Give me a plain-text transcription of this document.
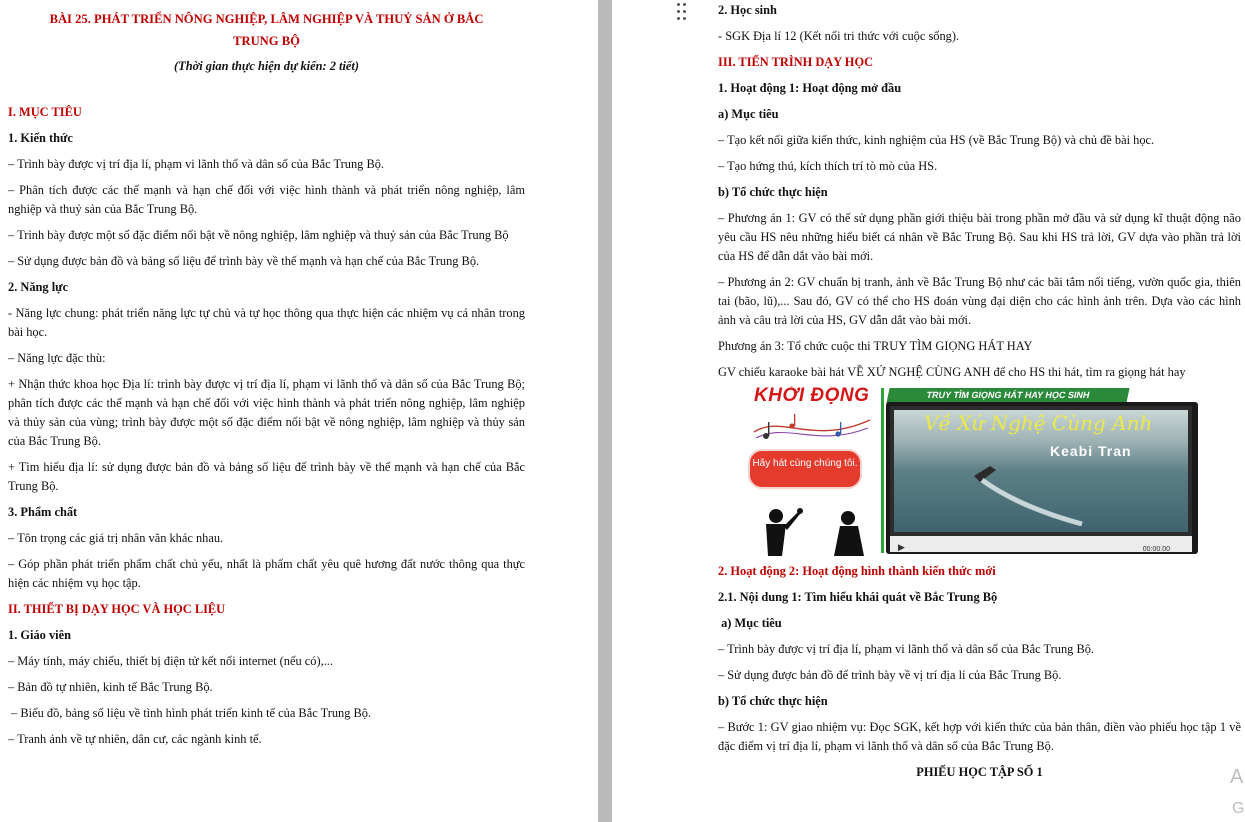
BÀI 25. PHÁT TRIỂN NÔNG NGHIỆP, LÂM NGHIỆP VÀ THUỶ SẢN Ở BẮC

TRUNG BỘ

(Thời gian thực hiện dự kiến: 2 tiết)

I. MỤC TIÊU

1. Kiến thức

– Trình bày được vị trí địa lí, phạm vi lãnh thổ và dân số của Bắc Trung Bộ.

– Phân tích được các thế mạnh và hạn chế đối với việc hình thành và phát triển nông nghiệp, lâm nghiệp và thuỷ sản của Bắc Trung Bộ.

– Trình bày được một số đặc điểm nổi bật về nông nghiệp, lâm nghiệp và thuỷ sản của Bắc Trung Bộ

– Sử dụng được bản đồ và bảng số liệu để trình bày về thế mạnh và hạn chế của Bắc Trung Bộ.

2. Năng lực

- Năng lực chung: phát triển năng lực tự chủ và tự học thông qua thực hiện các nhiệm vụ cá nhân trong bài học.

– Năng lực đặc thù:

+ Nhận thức khoa học Địa lí: trình bày được vị trí địa lí, phạm vi lãnh thổ và dân số của Bắc Trung Bộ; phân tích được các thế mạnh và hạn chế đối với việc hình thành và phát triển nông nghiệp, lâm nghiệp và thủy sản của vùng; trình bày được một số đặc điểm nổi bật về nông nghiệp, lâm nghiệp và thủy sản của Bắc Trung Bộ.

+ Tìm hiểu địa lí: sử dụng được bản đồ và bảng số liệu để trình bày về thế mạnh và hạn chế của Bắc Trung Bộ.

3. Phẩm chất

– Tôn trọng các giá trị nhân văn khác nhau.

– Góp phần phát triển phẩm chất chủ yếu, nhất là phẩm chất yêu quê hương đất nước thông qua thực hiện các nhiệm vụ học tập.

II. THIẾT BỊ DẠY HỌC VÀ HỌC LIỆU

1. Giáo viên

– Máy tính, máy chiếu, thiết bị điện tử kết nối internet (nếu có),...

– Bản đồ tự nhiên, kinh tế Bắc Trung Bộ.

– Biểu đồ, bảng số liệu về tình hình phát triển kinh tế của Bắc Trung Bộ.

– Tranh ảnh về tự nhiên, dân cư, các ngành kinh tế.

2. Học sinh

- SGK Địa lí 12 (Kết nối tri thức với cuộc sống).

III. TIẾN TRÌNH DẠY HỌC

1. Hoạt động 1: Hoạt động mở đầu

a) Mục tiêu

– Tạo kết nối giữa kiến thức, kinh nghiệm của HS (về Bắc Trung Bộ) và chủ đề bài học.

– Tạo hứng thú, kích thích trí tò mò của HS.

b) Tổ chức thực hiện

– Phương án 1: GV có thể sử dụng phần giới thiệu bài trong phần mở đầu và sử dụng kĩ thuật động não yêu cầu HS nêu những hiểu biết cá nhân về Bắc Trung Bộ. Sau khi HS trả lời, GV dựa vào phần trả lời của HS để dẫn dắt vào bài mới.

– Phương án 2: GV chuẩn bị tranh, ảnh về Bắc Trung Bộ như các bãi tắm nổi tiếng, vườn quốc gia, thiên tai (bão, lũ),... Sau đó, GV có thể cho HS đoán vùng đại diện cho các hình ảnh trên. Dựa vào các hình ảnh và câu trả lời của HS, GV dẫn dắt vào bài mới.

Phương án 3: Tổ chức cuộc thi TRUY TÌM GIỌNG HÁT HAY

GV chiếu karaoke bài hát VỀ XỨ NGHỆ CÙNG ANH để cho HS thi hát, tìm ra giọng hát hay

KHỞI ĐỘNG
Hãy hát cùng chúng tôi.
TRUY TÌM GIỌNG HÁT HAY HỌC SINH
Về Xứ Nghệ Cùng Anh
Keabi Tran
▶	00:00.00

2. Hoạt động 2: Hoạt động hình thành kiến thức mới

2.1. Nội dung 1: Tìm hiểu khái quát về Bắc Trung Bộ

a) Mục tiêu

– Trình bày được vị trí địa lí, phạm vi lãnh thổ và dân số của Bắc Trung Bộ.

– Sử dụng được bản đồ để trình bày về vị trí địa lí của Bắc Trung Bộ.

b) Tổ chức thực hiện

– Bước 1: GV giao nhiệm vụ: Đọc SGK, kết hợp với kiến thức của bản thân, điền vào phiếu học tập 1 về đặc điểm vị trí địa lí, phạm vi lãnh thổ và dân số của Bắc Trung Bộ.

PHIẾU HỌC TẬP SỐ 1	A
G
